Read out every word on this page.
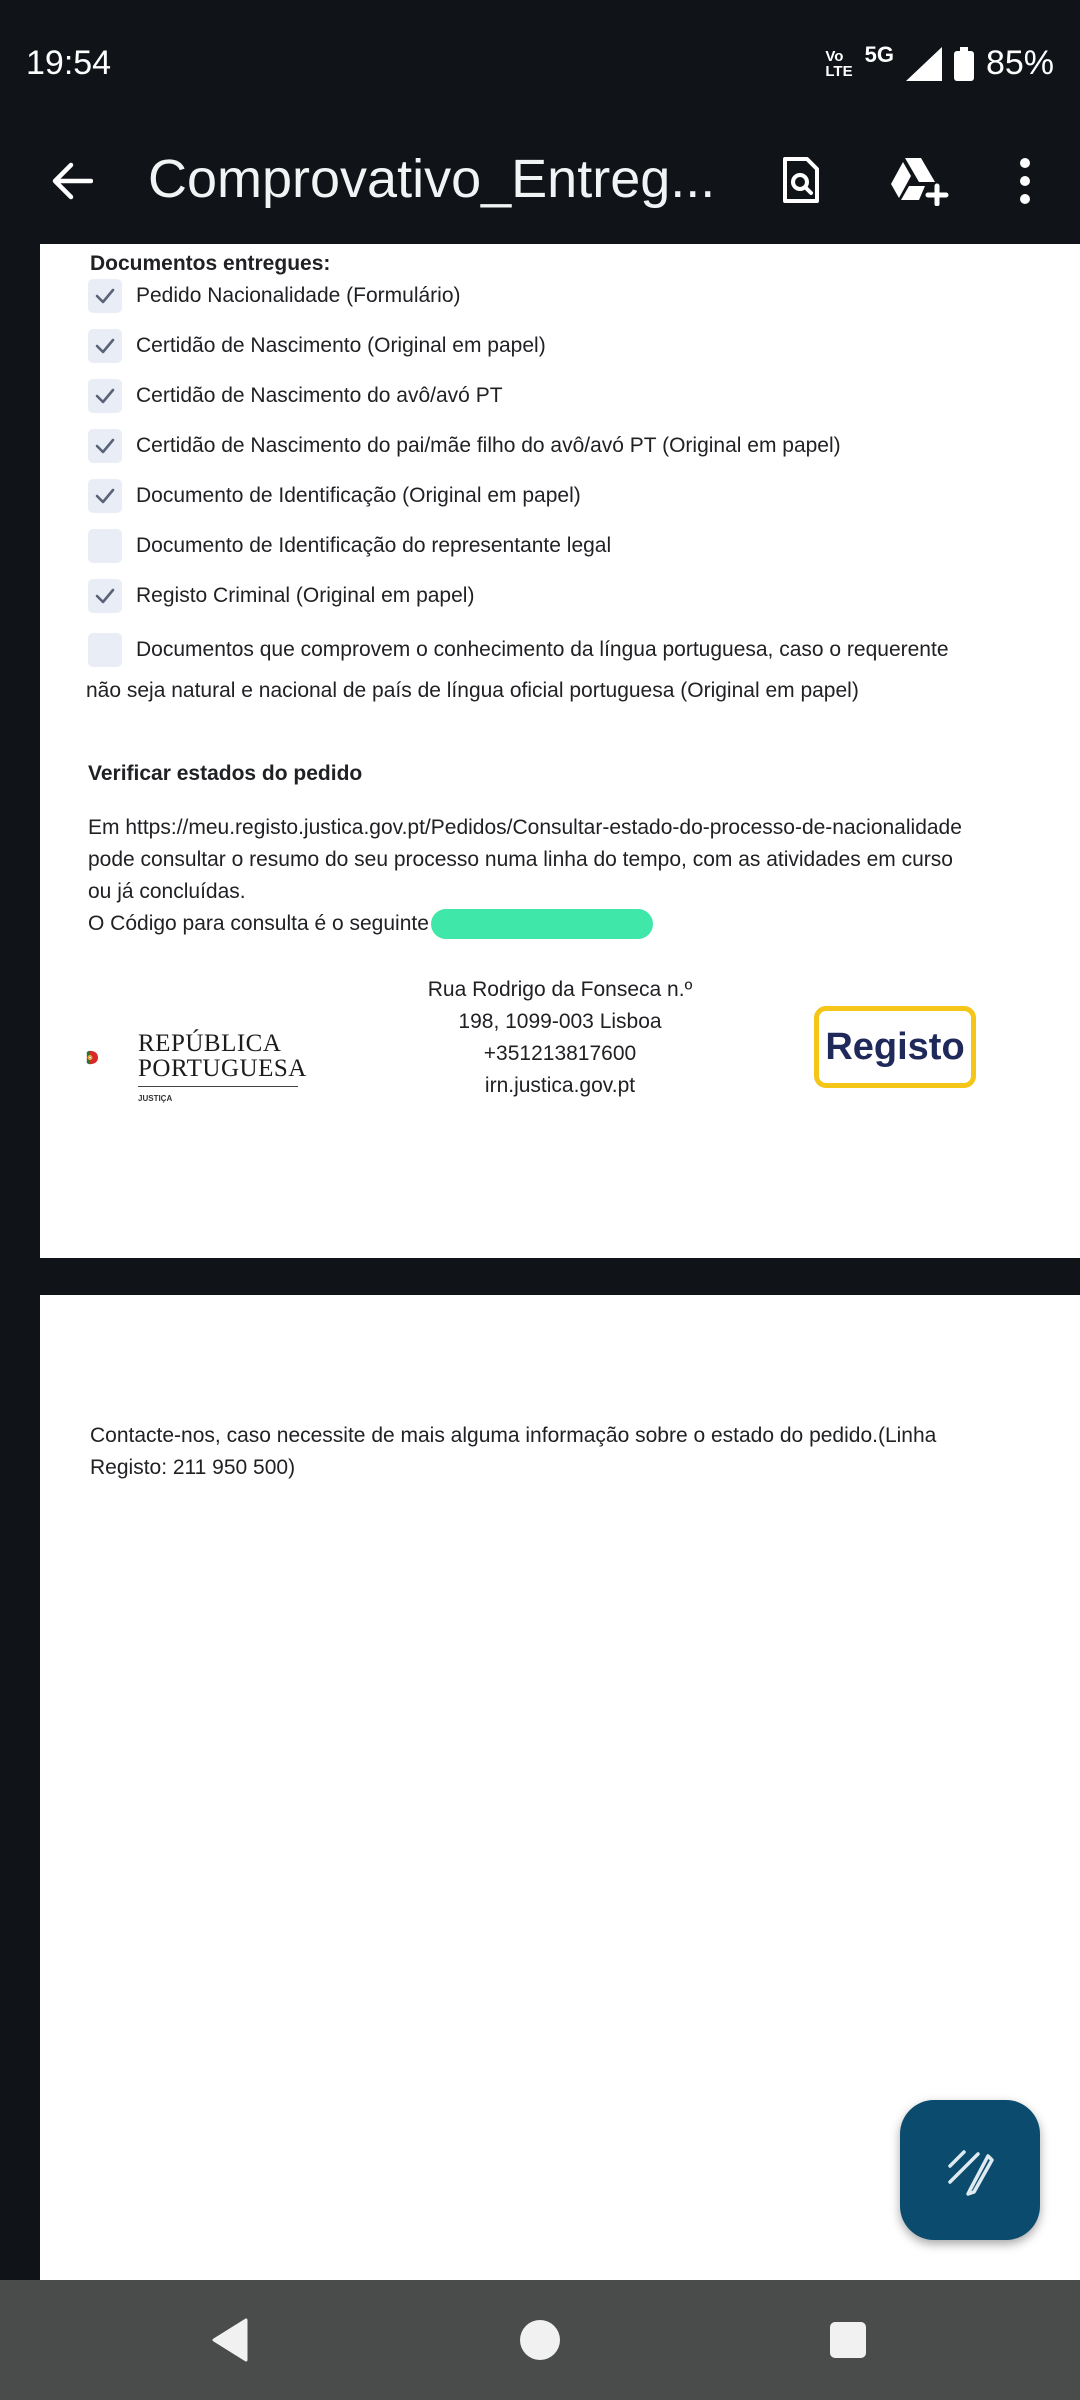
19:54	Vo
LTE
5G	85%
Comprovativo_Entreg...
Documentos entregues:
Pedido Nacionalidade (Formulário)
Certidão de Nascimento (Original em papel)
Certidão de Nascimento do avô/avó PT
Certidão de Nascimento do pai/mãe filho do avô/avó PT (Original em papel)
Documento de Identificação (Original em papel)
Documento de Identificação do representante legal
Registo Criminal (Original em papel)
Documentos que comprovem o conhecimento da língua portuguesa, caso o requerente
não seja natural e nacional de país de língua oficial portuguesa (Original em papel)
Verificar estados do pedido
Em https://meu.registo.justica.gov.pt/Pedidos/Consultar-estado-do-processo-de-nacionalidade
pode consultar o resumo do seu processo numa linha do tempo, com as atividades em curso
ou já concluídas.
O Código para consulta é o seguinte
REPÚBLICA
PORTUGUESA
JUSTIÇA
Rua Rodrigo da Fonseca n.º
198, 1099-003 Lisboa
+351213817600
irn.justica.gov.pt
Registo
Contacte-nos, caso necessite de mais alguma informação sobre o estado do pedido.(Linha
Registo: 211 950 500)
